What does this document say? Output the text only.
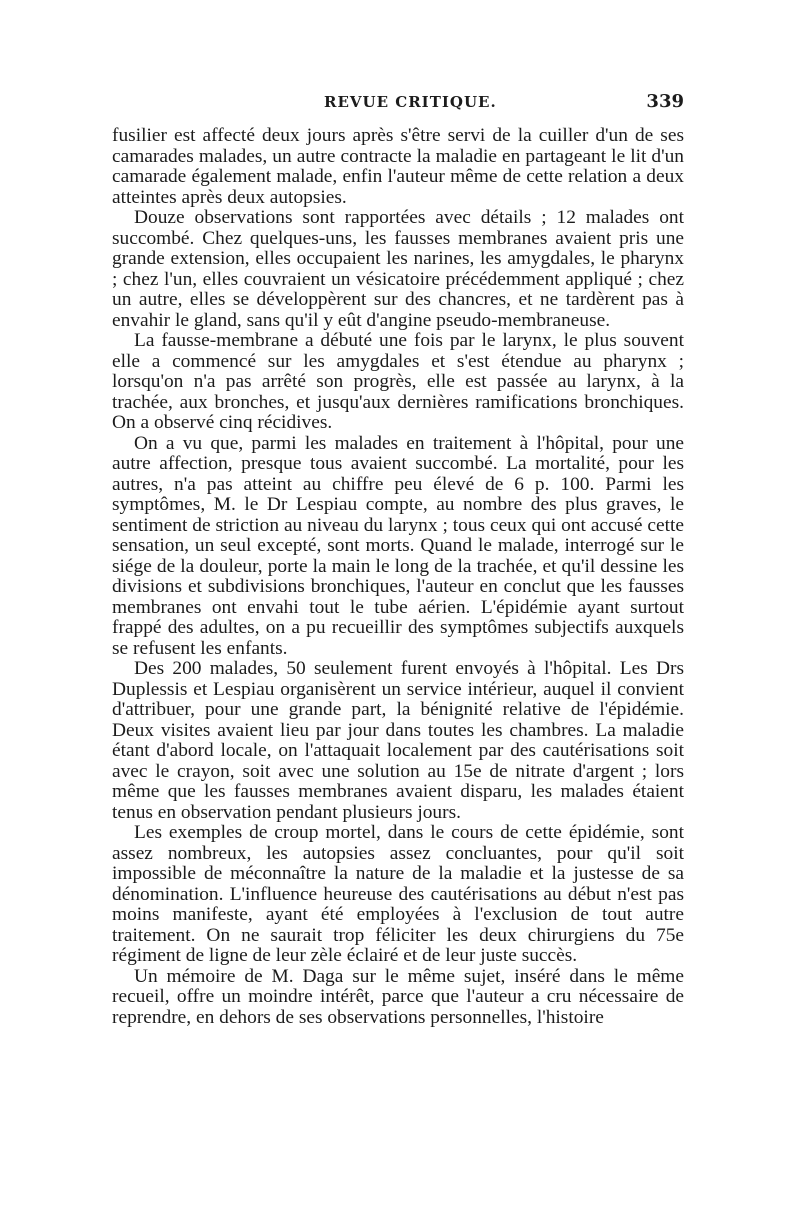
REVUE CRITIQUE.	339

fusilier est affecté deux jours après s'être servi de la cuiller d'un de ses camarades malades, un autre contracte la maladie en partageant le lit d'un camarade également malade, enfin l'auteur même de cette relation a deux atteintes après deux autopsies.

Douze observations sont rapportées avec détails ; 12 malades ont succombé. Chez quelques-uns, les fausses membranes avaient pris une grande extension, elles occupaient les narines, les amygdales, le pharynx ; chez l'un, elles couvraient un vésicatoire précédemment appliqué ; chez un autre, elles se développèrent sur des chancres, et ne tardèrent pas à envahir le gland, sans qu'il y eût d'angine pseudo-membraneuse.

La fausse-membrane a débuté une fois par le larynx, le plus souvent elle a commencé sur les amygdales et s'est étendue au pharynx ; lorsqu'on n'a pas arrêté son progrès, elle est passée au larynx, à la trachée, aux bronches, et jusqu'aux dernières ramifications bronchiques. On a observé cinq récidives.

On a vu que, parmi les malades en traitement à l'hôpital, pour une autre affection, presque tous avaient succombé. La mortalité, pour les autres, n'a pas atteint au chiffre peu élevé de 6 p. 100. Parmi les symptômes, M. le Dr Lespiau compte, au nombre des plus graves, le sentiment de striction au niveau du larynx ; tous ceux qui ont accusé cette sensation, un seul excepté, sont morts. Quand le malade, interrogé sur le siége de la douleur, porte la main le long de la trachée, et qu'il dessine les divisions et subdivisions bronchiques, l'auteur en conclut que les fausses membranes ont envahi tout le tube aérien. L'épidémie ayant surtout frappé des adultes, on a pu recueillir des symptômes subjectifs auxquels se refusent les enfants.

Des 200 malades, 50 seulement furent envoyés à l'hôpital. Les Drs Duplessis et Lespiau organisèrent un service intérieur, auquel il convient d'attribuer, pour une grande part, la bénignité relative de l'épidémie. Deux visites avaient lieu par jour dans toutes les chambres. La maladie étant d'abord locale, on l'attaquait localement par des cautérisations soit avec le crayon, soit avec une solution au 15e de nitrate d'argent ; lors même que les fausses membranes avaient disparu, les malades étaient tenus en observation pendant plusieurs jours.

Les exemples de croup mortel, dans le cours de cette épidémie, sont assez nombreux, les autopsies assez concluantes, pour qu'il soit impossible de méconnaître la nature de la maladie et la justesse de sa dénomination. L'influence heureuse des cautérisations au début n'est pas moins manifeste, ayant été employées à l'exclusion de tout autre traitement. On ne saurait trop féliciter les deux chirurgiens du 75e régiment de ligne de leur zèle éclairé et de leur juste succès.

Un mémoire de M. Daga sur le même sujet, inséré dans le même recueil, offre un moindre intérêt, parce que l'auteur a cru nécessaire de reprendre, en dehors de ses observations personnelles, l'histoire
